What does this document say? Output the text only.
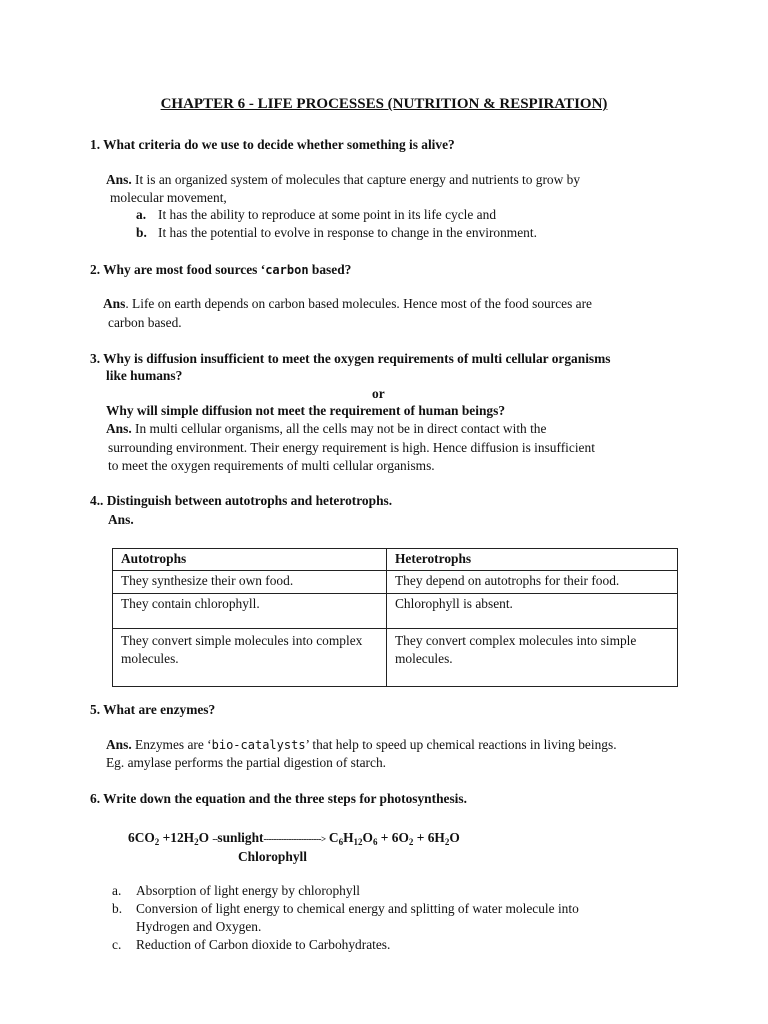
CHAPTER 6 - LIFE PROCESSES (NUTRITION & RESPIRATION)
1. What criteria do we use to decide whether something is alive?
Ans. It is an organized system of molecules that capture energy and nutrients to grow by
molecular movement,
a. It has the ability to reproduce at some point in its life cycle and
b. It has the potential to evolve in response to change in the environment.
2. Why are most food sources ‘carbon based?
Ans. Life on earth depends on carbon based molecules. Hence most of the food sources are
carbon based.
3. Why is diffusion insufficient to meet the oxygen requirements of multi cellular organisms
like humans?
or
Why will simple diffusion not meet the requirement of human beings?
Ans. In multi cellular organisms, all the cells may not be in direct contact with the
surrounding environment. Their energy requirement is high. Hence diffusion is insufficient
to meet the oxygen requirements of multi cellular organisms.
4.. Distinguish between autotrophs and heterotrophs.
Ans.
Autotrophs	Heterotrophs
They synthesize their own food.	They depend on autotrophs for their food.
They contain chlorophyll.	Chlorophyll is absent.
They convert simple molecules into complex molecules.	They convert complex molecules into simple molecules.
5. What are enzymes?
Ans. Enzymes are ‘bio-catalysts’ that help to speed up chemical reactions in living beings.
Eg. amylase performs the partial digestion of starch.
6. Write down the equation and the three steps for photosynthesis.
$6CO_2 +12H_2O$ --sunlight-----------------------> $C_6H_{12}O_6 + 6O_2 + 6H_2O$
Chlorophyll
a. Absorption of light energy by chlorophyll
b. Conversion of light energy to chemical energy and splitting of water molecule into
Hydrogen and Oxygen.
c. Reduction of Carbon dioxide to Carbohydrates.
